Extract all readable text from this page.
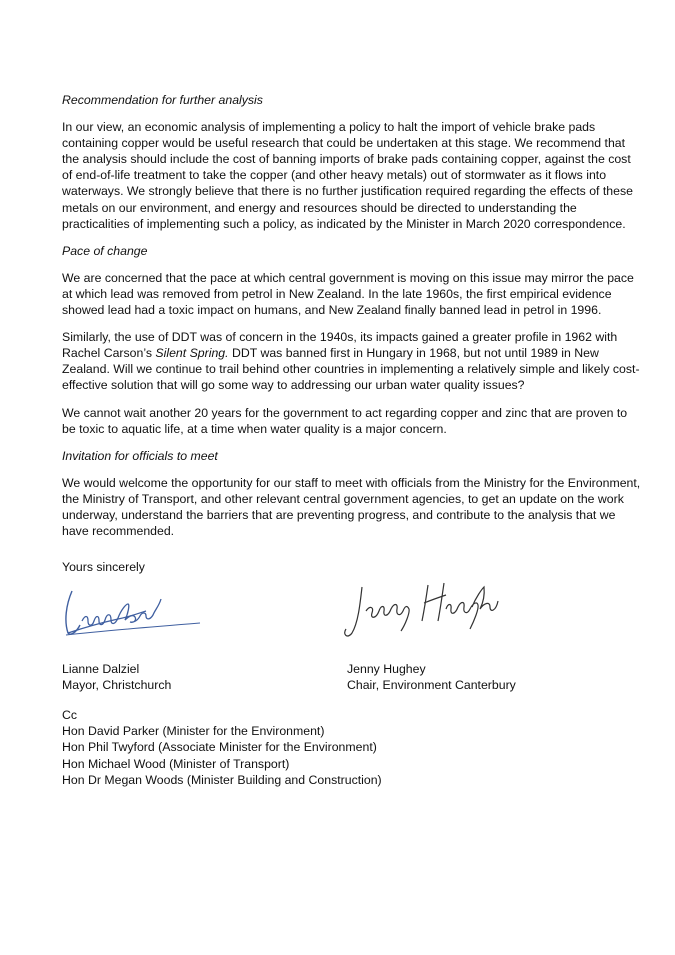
Recommendation for further analysis

In our view, an economic analysis of implementing a policy to halt the import of vehicle brake pads containing copper would be useful research that could be undertaken at this stage. We recommend that the analysis should include the cost of banning imports of brake pads containing copper, against the cost of end-of-life treatment to take the copper (and other heavy metals) out of stormwater as it flows into waterways. We strongly believe that there is no further justification required regarding the effects of these metals on our environment, and energy and resources should be directed to understanding the practicalities of implementing such a policy, as indicated by the Minister in March 2020 correspondence.

Pace of change

We are concerned that the pace at which central government is moving on this issue may mirror the pace at which lead was removed from petrol in New Zealand. In the late 1960s, the first empirical evidence showed lead had a toxic impact on humans, and New Zealand finally banned lead in petrol in 1996.

Similarly, the use of DDT was of concern in the 1940s, its impacts gained a greater profile in 1962 with Rachel Carson’s Silent Spring. DDT was banned first in Hungary in 1968, but not until 1989 in New Zealand. Will we continue to trail behind other countries in implementing a relatively simple and likely cost-effective solution that will go some way to addressing our urban water quality issues?

We cannot wait another 20 years for the government to act regarding copper and zinc that are proven to be toxic to aquatic life, at a time when water quality is a major concern.

Invitation for officials to meet

We would welcome the opportunity for our staff to meet with officials from the Ministry for the Environment, the Ministry of Transport, and other relevant central government agencies, to get an update on the work underway, understand the barriers that are preventing progress, and contribute to the analysis that we have recommended.

Yours sincerely
Lianne Dalziel
Mayor, Christchurch
Jenny Hughey
Chair, Environment Canterbury
Cc
Hon David Parker (Minister for the Environment)
Hon Phil Twyford (Associate Minister for the Environment)
Hon Michael Wood (Minister of Transport)
Hon Dr Megan Woods (Minister Building and Construction)
